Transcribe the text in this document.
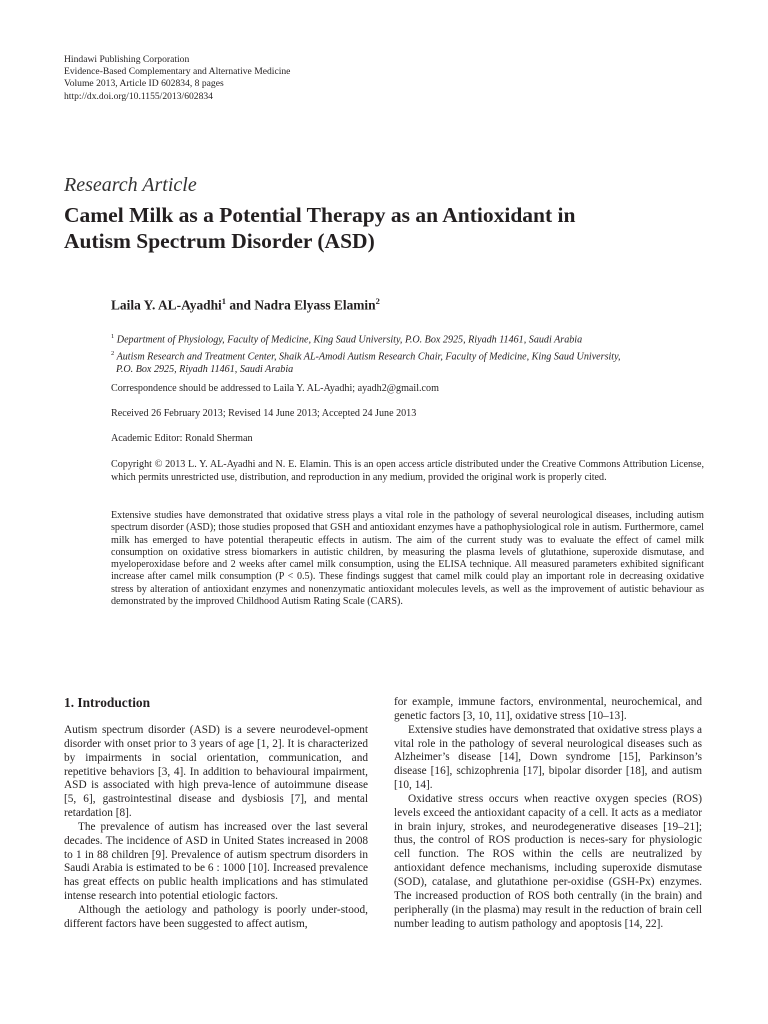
Hindawi Publishing Corporation
Evidence-Based Complementary and Alternative Medicine
Volume 2013, Article ID 602834, 8 pages
http://dx.doi.org/10.1155/2013/602834
Research Article
Camel Milk as a Potential Therapy as an Antioxidant in
Autism Spectrum Disorder (ASD)
Laila Y. AL-Ayadhi$^1$ and Nadra Elyass Elamin$^2$
$^1$ Department of Physiology, Faculty of Medicine, King Saud University, P.O. Box 2925, Riyadh 11461, Saudi Arabia
$^2$ Autism Research and Treatment Center, Shaik AL-Amodi Autism Research Chair, Faculty of Medicine, King Saud University,
P.O. Box 2925, Riyadh 11461, Saudi Arabia
Correspondence should be addressed to Laila Y. AL-Ayadhi; ayadh2@gmail.com
Received 26 February 2013; Revised 14 June 2013; Accepted 24 June 2013
Academic Editor: Ronald Sherman
Copyright © 2013 L. Y. AL-Ayadhi and N. E. Elamin. This is an open access article distributed under the Creative Commons Attribution License, which permits unrestricted use, distribution, and reproduction in any medium, provided the original work is properly cited.
Extensive studies have demonstrated that oxidative stress plays a vital role in the pathology of several neurological diseases, including autism spectrum disorder (ASD); those studies proposed that GSH and antioxidant enzymes have a pathophysiological role in autism. Furthermore, camel milk has emerged to have potential therapeutic effects in autism. The aim of the current study was to evaluate the effect of camel milk consumption on oxidative stress biomarkers in autistic children, by measuring the plasma levels of glutathione, superoxide dismutase, and myeloperoxidase before and 2 weeks after camel milk consumption, using the ELISA technique. All measured parameters exhibited significant increase after camel milk consumption (P < 0.5). These findings suggest that camel milk could play an important role in decreasing oxidative stress by alteration of antioxidant enzymes and nonenzymatic antioxidant molecules levels, as well as the improvement of autistic behaviour as demonstrated by the improved Childhood Autism Rating Scale (CARS).
1. Introduction

Autism spectrum disorder (ASD) is a severe neurodevel-opment disorder with onset prior to 3 years of age [1, 2]. It is characterized by impairments in social orientation, communication, and repetitive behaviors [3, 4]. In addition to behavioural impairment, ASD is associated with high preva-lence of autoimmune disease [5, 6], gastrointestinal disease and dysbiosis [7], and mental retardation [8].

The prevalence of autism has increased over the last several decades. The incidence of ASD in United States increased in 2008 to 1 in 88 children [9]. Prevalence of autism spectrum disorders in Saudi Arabia is estimated to be 6 : 1000 [10]. Increased prevalence has great effects on public health implications and has stimulated intense research into potential etiologic factors.

Although the aetiology and pathology is poorly under-stood, different factors have been suggested to affect autism,

for example, immune factors, environmental, neurochemical, and genetic factors [3, 10, 11], oxidative stress [10–13].

Extensive studies have demonstrated that oxidative stress plays a vital role in the pathology of several neurological diseases such as Alzheimer’s disease [14], Down syndrome [15], Parkinson’s disease [16], schizophrenia [17], bipolar disorder [18], and autism [10, 14].

Oxidative stress occurs when reactive oxygen species (ROS) levels exceed the antioxidant capacity of a cell. It acts as a mediator in brain injury, strokes, and neurodegenerative diseases [19–21]; thus, the control of ROS production is neces-sary for physiologic cell function. The ROS within the cells are neutralized by antioxidant defence mechanisms, including superoxide dismutase (SOD), catalase, and glutathione per-oxidise (GSH-Px) enzymes. The increased production of ROS both centrally (in the brain) and peripherally (in the plasma) may result in the reduction of brain cell number leading to autism pathology and apoptosis [14, 22].
